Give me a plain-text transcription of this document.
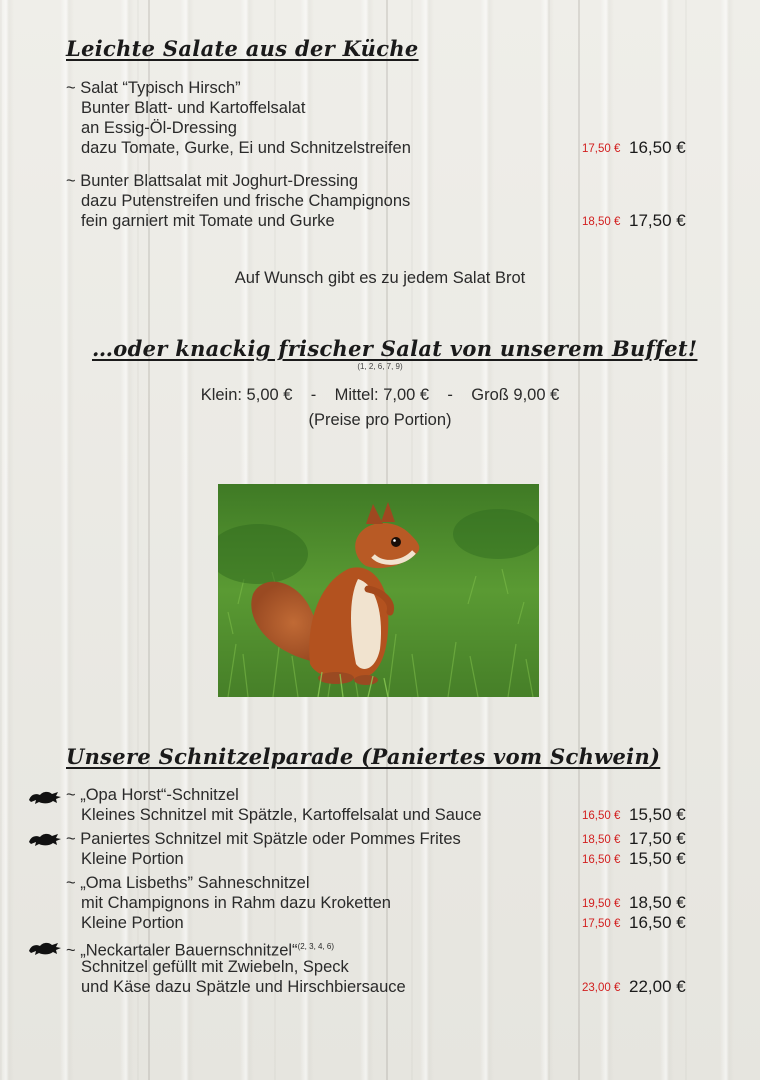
Leichte Salate aus der Küche
~ Salat “Typisch Hirsch”
Bunter Blatt- und Kartoffelsalat
an Essig-Öl-Dressing
dazu Tomate, Gurke, Ei und Schnitzelstreifen	17,50 € 16,50 €
~ Bunter Blattsalat mit Joghurt-Dressing
dazu Putenstreifen und frische Champignons
fein garniert mit Tomate und Gurke	18,50 € 17,50 €
Auf Wunsch gibt es zu jedem Salat Brot
…oder knackig frischer Salat von unserem Buffet!
(1, 2, 6, 7, 9)
Klein: 5,00 €    -    Mittel: 7,00 €    -    Groß 9,00 €
(Preise pro Portion)
Unsere Schnitzelparade (Paniertes vom Schwein)
~ „Opa Horst“-Schnitzel
Kleines Schnitzel mit Spätzle, Kartoffelsalat und Sauce	16,50 € 15,50 €
~ Paniertes Schnitzel mit Spätzle oder Pommes Frites	18,50 € 17,50 €
Kleine Portion	16,50 € 15,50 €
~ „Oma Lisbeths” Sahneschnitzel
mit Champignons in Rahm dazu Kroketten	19,50 € 18,50 €
Kleine Portion	17,50 € 16,50 €
~ „Neckartaler Bauernschnitzel“$^{(2, 3, 4, 6)}$
Schnitzel gefüllt mit Zwiebeln, Speck
und Käse dazu Spätzle und Hirschbiersauce	23,00 € 22,00 €
